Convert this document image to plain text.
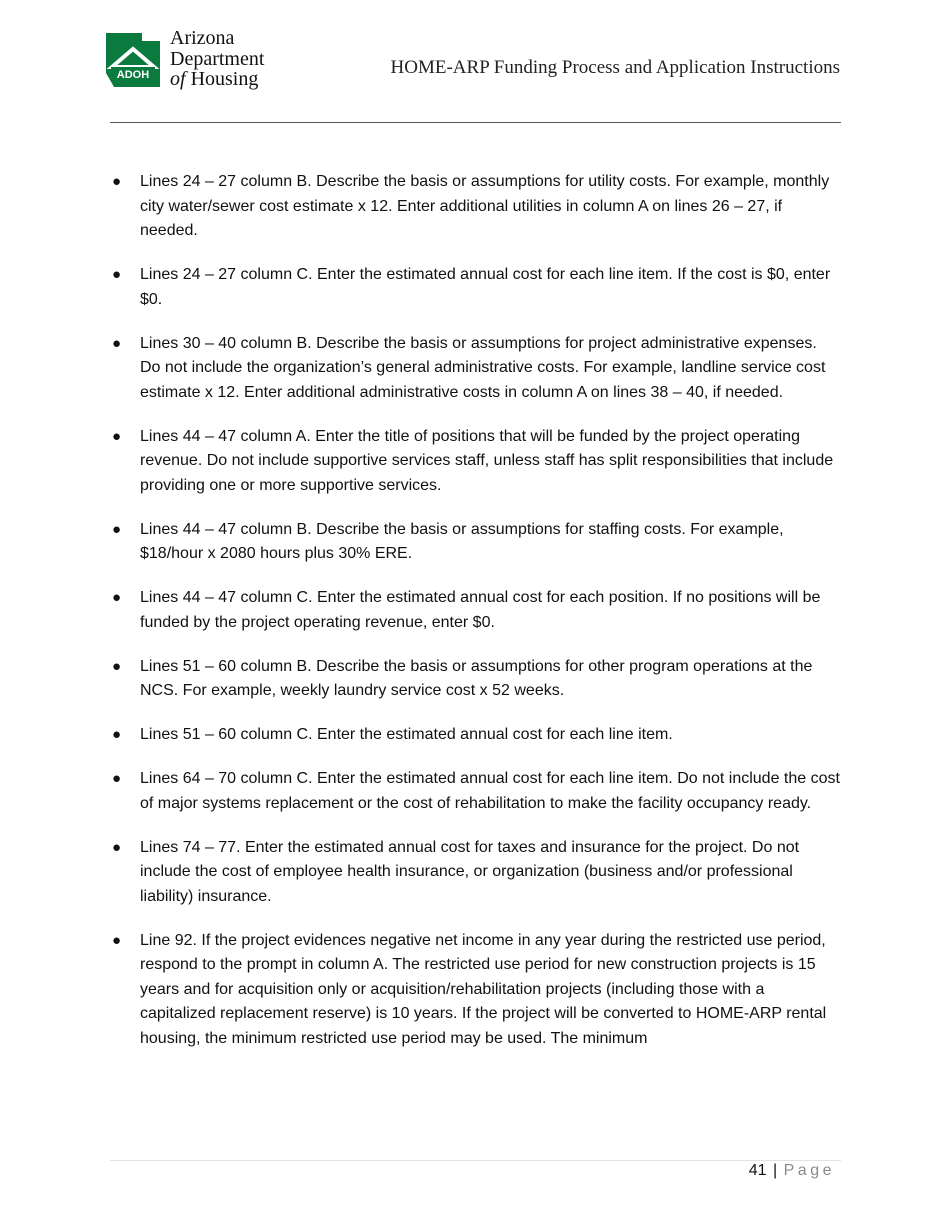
ADOH
Arizona
Department
of Housing
HOME-ARP Funding Process and Application Instructions
● Lines 24 – 27 column B. Describe the basis or assumptions for utility costs. For example, monthly city water/sewer cost estimate x 12. Enter additional utilities in column A on lines 26 – 27, if needed.
● Lines 24 – 27 column C. Enter the estimated annual cost for each line item. If the cost is $0, enter $0.
● Lines 30 – 40 column B. Describe the basis or assumptions for project administrative expenses. Do not include the organization’s general administrative costs. For example, landline service cost estimate x 12. Enter additional administrative costs in column A on lines 38 – 40, if needed.
● Lines 44 – 47 column A. Enter the title of positions that will be funded by the project operating revenue. Do not include supportive services staff, unless staff has split responsibilities that include providing one or more supportive services.
● Lines 44 – 47 column B. Describe the basis or assumptions for staffing costs. For example, $18/hour x 2080 hours plus 30% ERE.
● Lines 44 – 47 column C. Enter the estimated annual cost for each position. If no positions will be funded by the project operating revenue, enter $0.
● Lines 51 – 60 column B. Describe the basis or assumptions for other program operations at the NCS. For example, weekly laundry service cost x 52 weeks.
● Lines 51 – 60 column C. Enter the estimated annual cost for each line item.
● Lines 64 – 70 column C. Enter the estimated annual cost for each line item. Do not include the cost of major systems replacement or the cost of rehabilitation to make the facility occupancy ready.
● Lines 74 – 77. Enter the estimated annual cost for taxes and insurance for the project. Do not include the cost of employee health insurance, or organization (business and/or professional liability) insurance.
● Line 92. If the project evidences negative net income in any year during the restricted use period, respond to the prompt in column A. The restricted use period for new construction projects is 15 years and for acquisition only or acquisition/rehabilitation projects (including those with a capitalized replacement reserve) is 10 years. If the project will be converted to HOME-ARP rental housing, the minimum restricted use period may be used. The minimum
41 | Page
